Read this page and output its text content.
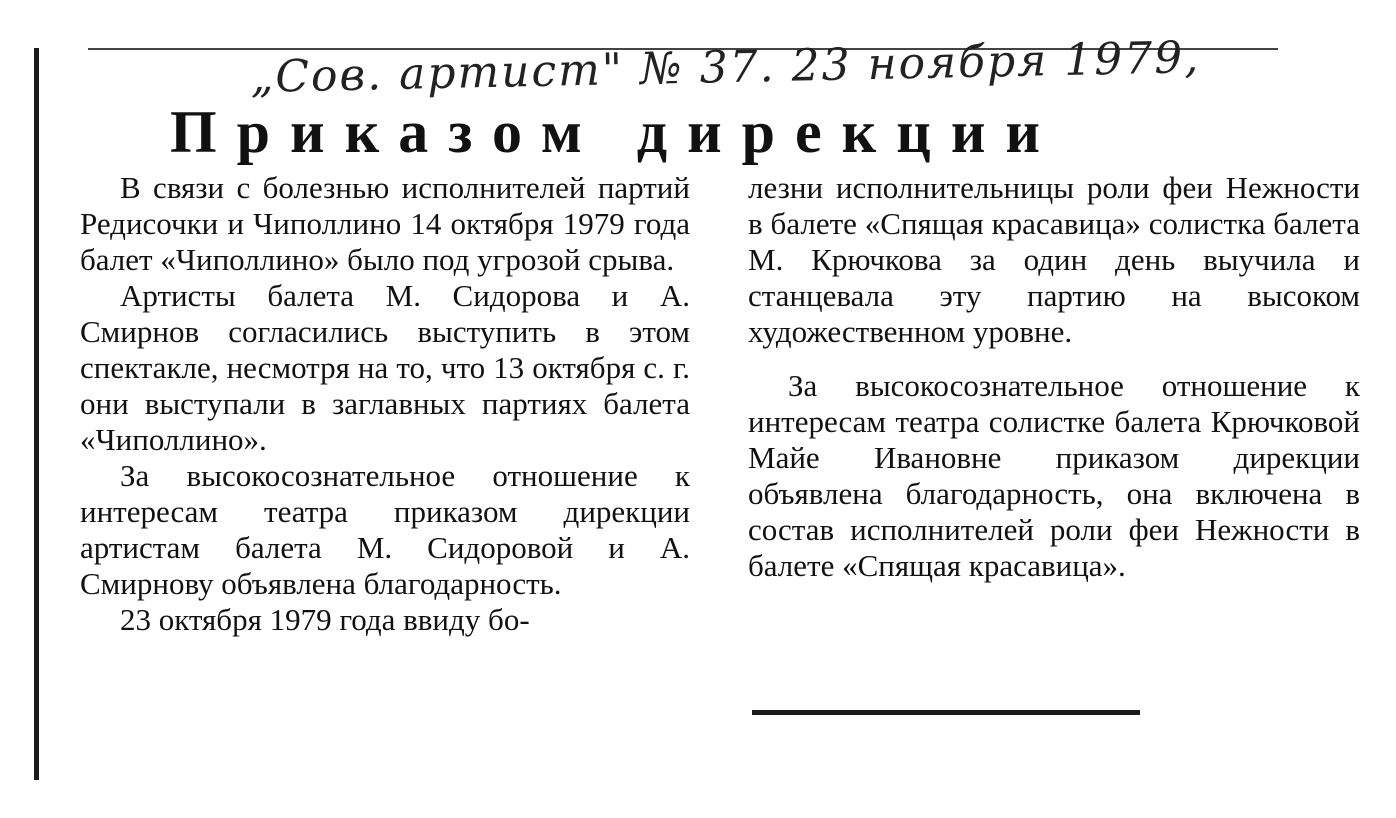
„Сов. артист" № 37. 23 ноября 1979,
Приказом дирекции

В связи с болезнью исполнителей партий Редисочки и Чиполлино 14 октября 1979 года балет «Чиполлино» было под угрозой срыва.

Артисты балета М. Сидорова и А. Смирнов согласились выступить в этом спектакле, несмотря на то, что 13 октября с. г. они выступали в заглавных партиях балета «Чиполлино».

За высокосознательное отношение к интересам театра приказом дирекции артистам балета М. Сидоровой и А. Смирнову объявлена благодарность.

23 октября 1979 года ввиду бо-

лезни исполнительницы роли феи Нежности в балете «Спящая красавица» солистка балета М. Крючкова за один день выучила и станцевала эту партию на высоком художественном уровне.

За высокосознательное отношение к интересам театра солистке балета Крючковой Майе Ивановне приказом дирекции объявлена благодарность, она включена в состав исполнителей роли феи Нежности в балете «Спящая красавица».
